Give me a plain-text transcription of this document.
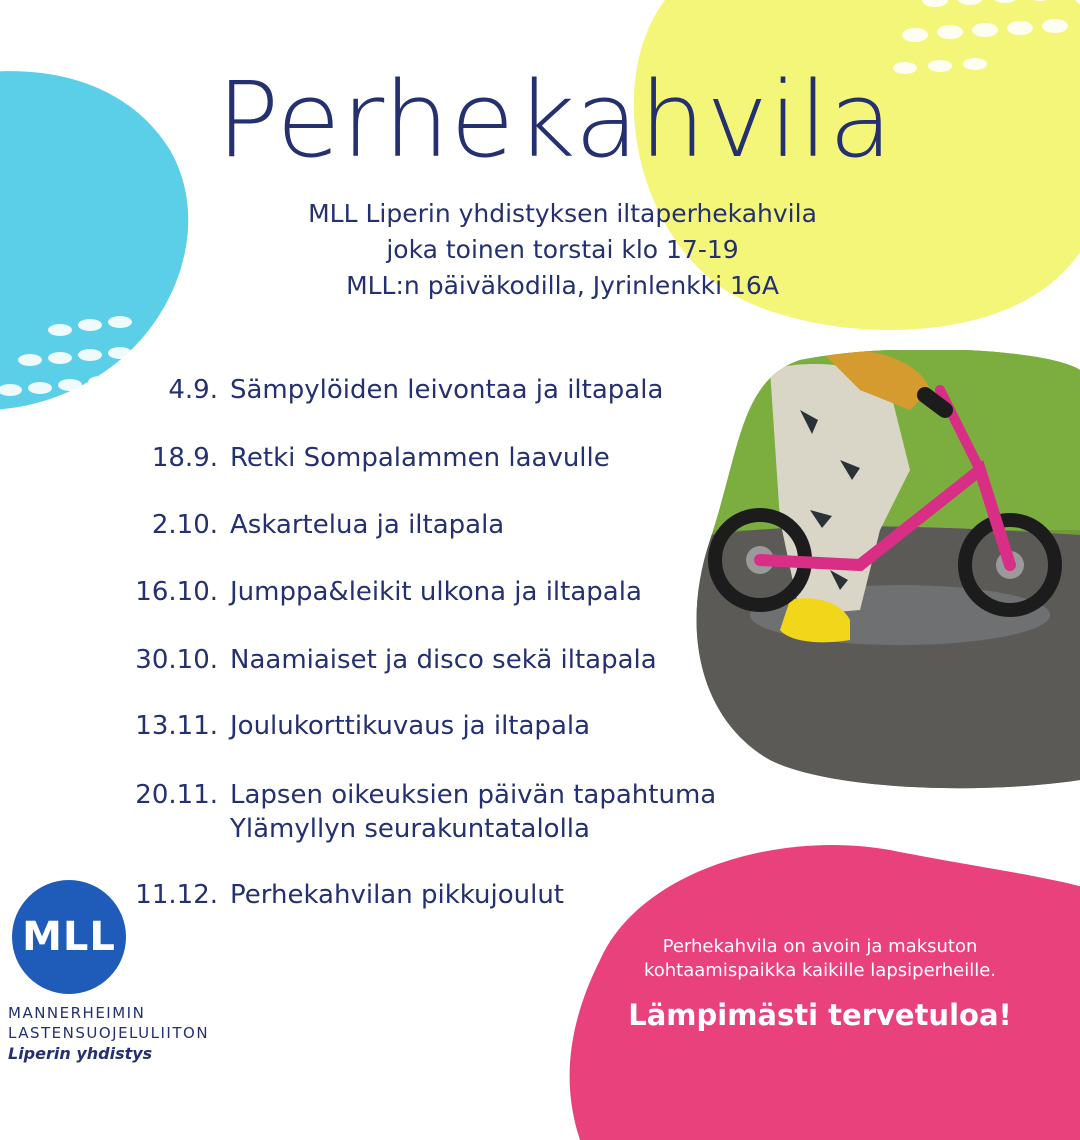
Perhekahvila
MLL Liperin yhdistyksen iltaperhekahvila
joka toinen torstai klo 17-19
MLL:n päiväkodilla, Jyrinlenkki 16A
4.9. Sämpylöiden leivontaa ja iltapala
18.9. Retki Sompalammen laavulle
2.10. Askartelua ja iltapala
16.10. Jumppa&leikit ulkona ja iltapala
30.10. Naamiaiset ja disco sekä iltapala
13.11. Joulukorttikuvaus ja iltapala
20.11. Lapsen oikeuksien päivän tapahtuma
Ylämyllyn seurakuntatalolla
11.12. Perhekahvilan pikkujoulut
MLL
MANNERHEIMIN
LASTENSUOJELULIITON
Liperin yhdistys
Perhekahvila on avoin ja maksuton
kohtaamispaikka kaikille lapsiperheille.
Lämpimästi tervetuloa!
